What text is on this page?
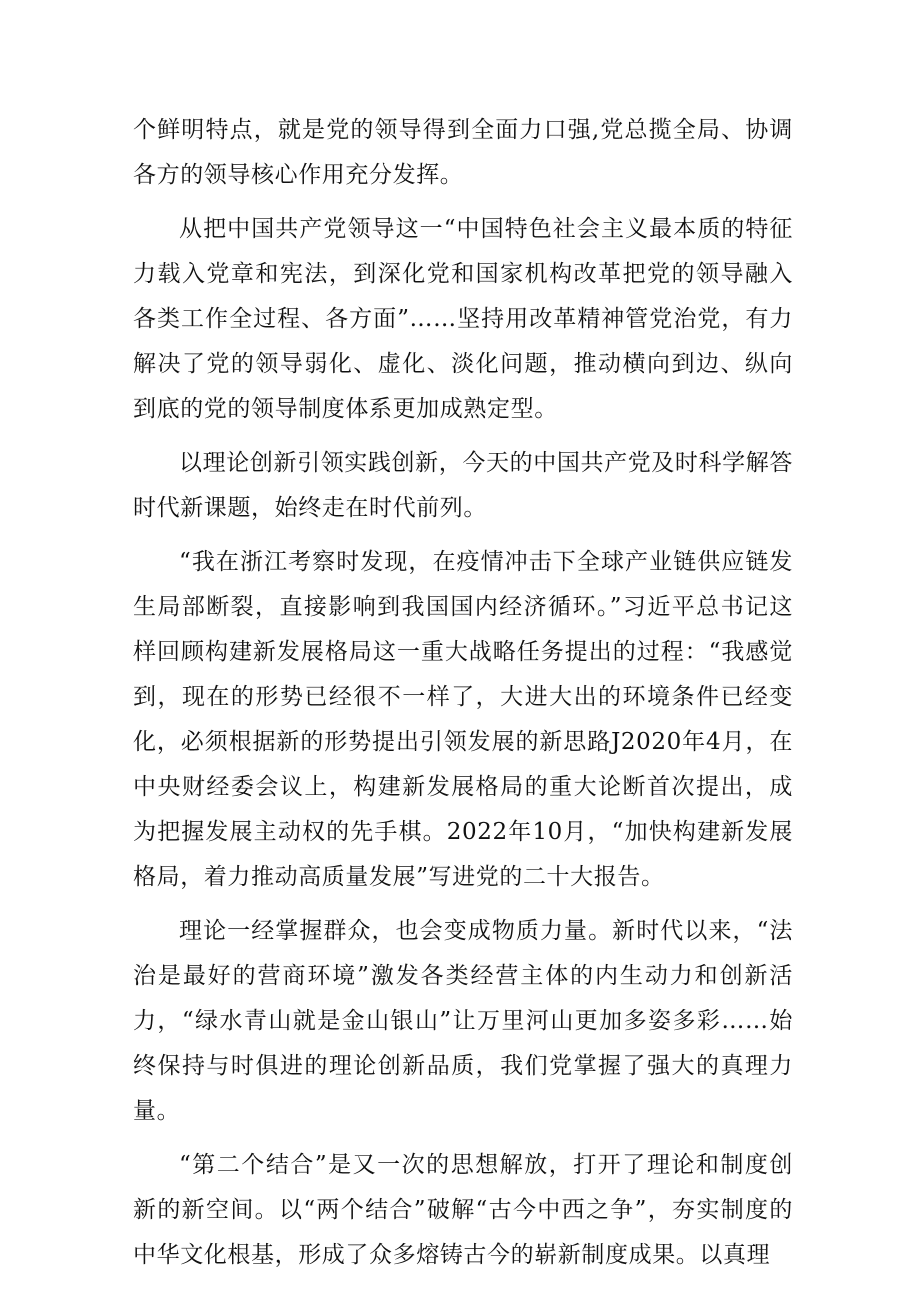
个鲜明特点，就是党的领导得到全面力口强,党总揽全局、协调各方的领导核心作用充分发挥。

从把中国共产党领导这一“中国特色社会主义最本质的特征力载入党章和宪法，到深化党和国家机构改革把党的领导融入各类工作全过程、各方面”……坚持用改革精神管党治党，有力解决了党的领导弱化、虚化、淡化问题，推动横向到边、纵向到底的党的领导制度体系更加成熟定型。

以理论创新引领实践创新，今天的中国共产党及时科学解答时代新课题，始终走在时代前列。

“我在浙江考察时发现，在疫情冲击下全球产业链供应链发生局部断裂，直接影响到我国国内经济循环。”习近平总书记这样回顾构建新发展格局这一重大战略任务提出的过程：“我感觉到，现在的形势已经很不一样了，大进大出的环境条件已经变化，必须根据新的形势提出引领发展的新思路J2020年4月，在中央财经委会议上，构建新发展格局的重大论断首次提出，成为把握发展主动权的先手棋。2022年10月，“加快构建新发展格局，着力推动高质量发展”写进党的二十大报告。

理论一经掌握群众，也会变成物质力量。新时代以来，“法治是最好的营商环境”激发各类经营主体的内生动力和创新活力，“绿水青山就是金山银山”让万里河山更加多姿多彩……始终保持与时俱进的理论创新品质，我们党掌握了强大的真理力量。

“第二个结合”是又一次的思想解放，打开了理论和制度创新的新空间。以“两个结合”破解“古今中西之争”，夯实制度的中华文化根基，形成了众多熔铸古今的崭新制度成果。以真理
